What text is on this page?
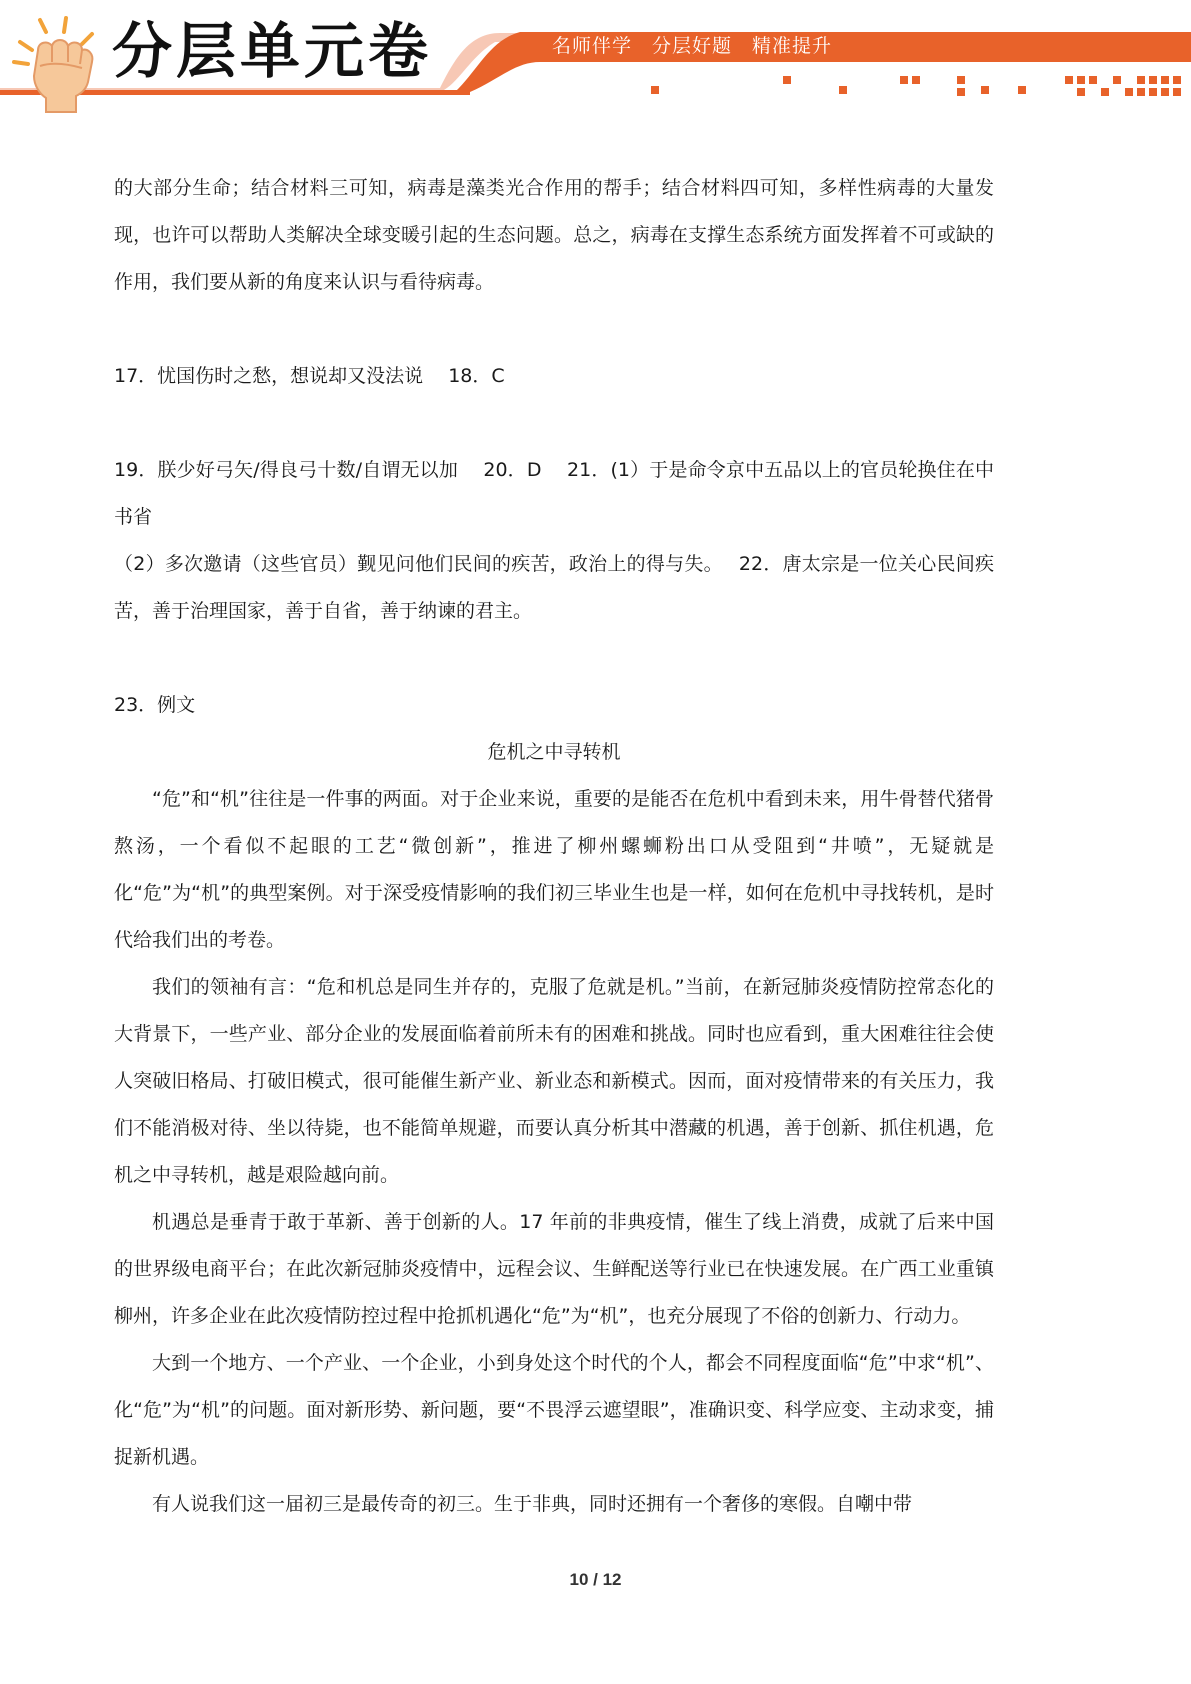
分层单元卷	名师伴学　分层好题　精准提升

的大部分生命；结合材料三可知，病毒是藻类光合作用的帮手；结合材料四可知，多样性病毒的大量发现，也许可以帮助人类解决全球变暖引起的生态问题。总之，病毒在支撑生态系统方面发挥着不可或缺的作用，我们要从新的角度来认识与看待病毒。

17．忧国伤时之愁，想说却又没法说　 18．C

19．朕少好弓矢/得良弓十数/自谓无以加　 20．D　 21．(1）于是命令京中五品以上的官员轮换住在中书省

（2）多次邀请（这些官员）觐见问他们民间的疾苦，政治上的得与失。　 22．唐太宗是一位关心民间疾苦，善于治理国家，善于自省，善于纳谏的君主。

23．例文

危机之中寻转机

“危”和“机”往往是一件事的两面。对于企业来说，重要的是能否在危机中看到未来，用牛骨替代猪骨熬汤，一个看似不起眼的工艺“微创新”，推进了柳州螺蛳粉出口从受阻到“井喷”，无疑就是化“危”为“机”的典型案例。对于深受疫情影响的我们初三毕业生也是一样，如何在危机中寻找转机，是时代给我们出的考卷。

我们的领袖有言：“危和机总是同生并存的，克服了危就是机。”当前，在新冠肺炎疫情防控常态化的大背景下，一些产业、部分企业的发展面临着前所未有的困难和挑战。同时也应看到，重大困难往往会使人突破旧格局、打破旧模式，很可能催生新产业、新业态和新模式。因而，面对疫情带来的有关压力，我们不能消极对待、坐以待毙，也不能简单规避，而要认真分析其中潜藏的机遇，善于创新、抓住机遇，危机之中寻转机，越是艰险越向前。

机遇总是垂青于敢于革新、善于创新的人。17 年前的非典疫情，催生了线上消费，成就了后来中国的世界级电商平台；在此次新冠肺炎疫情中，远程会议、生鲜配送等行业已在快速发展。在广西工业重镇柳州，许多企业在此次疫情防控过程中抢抓机遇化“危”为“机”，也充分展现了不俗的创新力、行动力。

大到一个地方、一个产业、一个企业，小到身处这个时代的个人，都会不同程度面临“危”中求“机”、化“危”为“机”的问题。面对新形势、新问题，要“不畏浮云遮望眼”，准确识变、科学应变、主动求变，捕捉新机遇。

有人说我们这一届初三是最传奇的初三。生于非典，同时还拥有一个奢侈的寒假。自嘲中带

10 / 12
